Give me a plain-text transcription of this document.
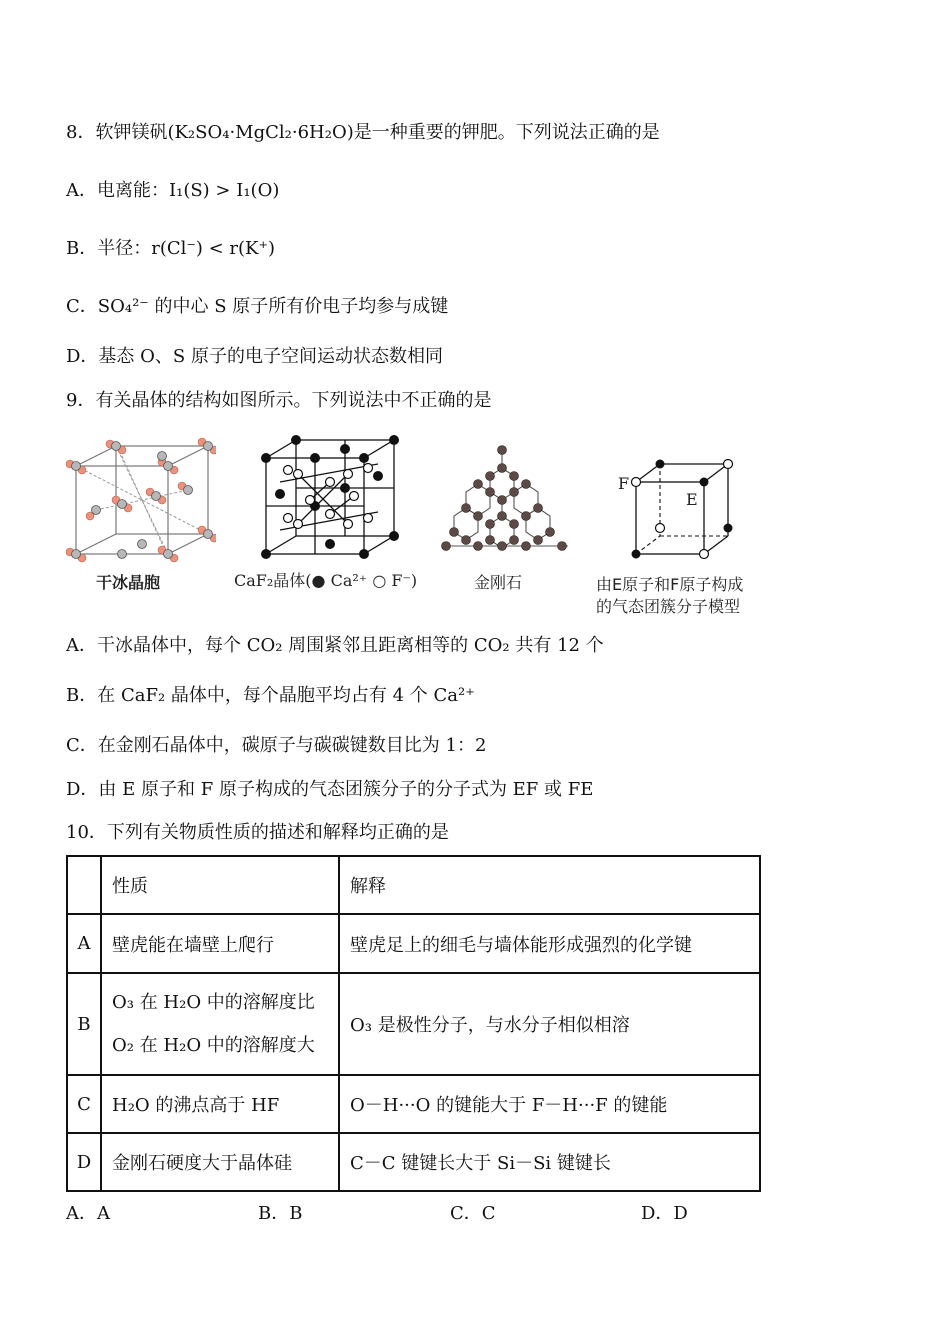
8．软钾镁矾(K₂SO₄·MgCl₂·6H₂O)是一种重要的钾肥。下列说法正确的是
A．电离能：I₁(S) > I₁(O)
B．半径：r(Cl⁻) < r(K⁺)
C．SO₄²⁻ 的中心 S 原子所有价电子均参与成键
D．基态 O、S 原子的电子空间运动状态数相同
9．有关晶体的结构如图所示。下列说法中不正确的是
干冰晶胞	CaF₂晶体(● Ca²⁺ ○ F⁻)	金刚石
F
E
由E原子和F原子构成
的气态团簇分子模型
A．干冰晶体中，每个 CO₂ 周围紧邻且距离相等的 CO₂ 共有 12 个
B．在 CaF₂ 晶体中，每个晶胞平均占有 4 个 Ca²⁺
C．在金刚石晶体中，碳原子与碳碳键数目比为 1：2
D．由 E 原子和 F 原子构成的气态团簇分子的分子式为 EF 或 FE
10．下列有关物质性质的描述和解释均正确的是
	性质	解释
A	壁虎能在墙壁上爬行	壁虎足上的细毛与墙体能形成强烈的化学键
B	O₃ 在 H₂O 中的溶解度比
O₂ 在 H₂O 中的溶解度大	O₃ 是极性分子，与水分子相似相溶
C	H₂O 的沸点高于 HF	O－H···O 的键能大于 F－H···F 的键能
D	金刚石硬度大于晶体硅	C－C 键键长大于 Si－Si 键键长
A．A	B．B	C．C	D．D
